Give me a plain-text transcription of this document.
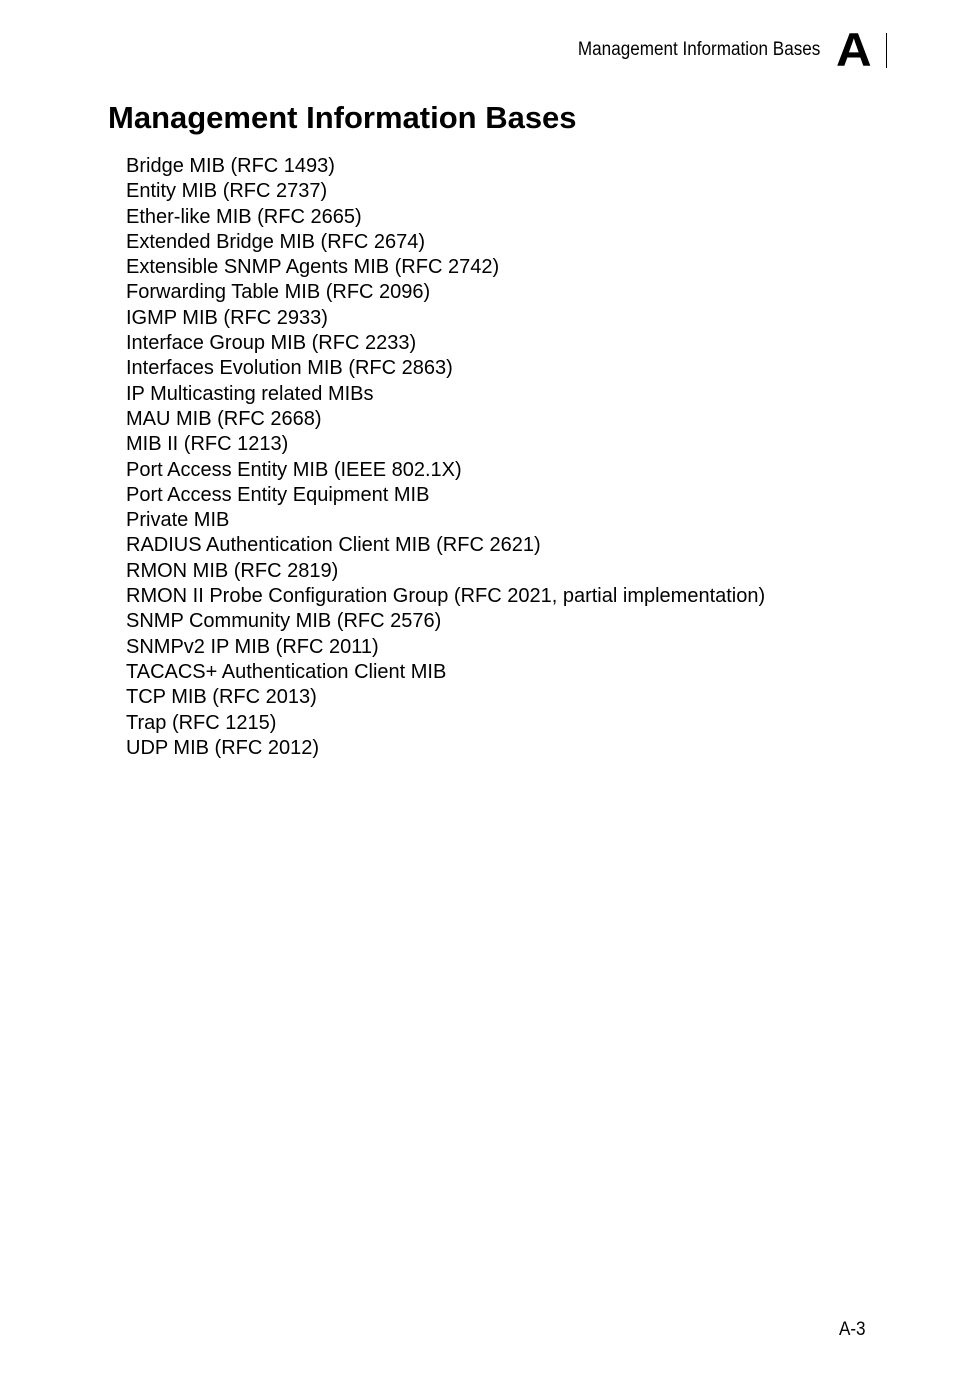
Management Information Bases A
Management Information Bases
Bridge MIB (RFC 1493)
Entity MIB (RFC 2737)
Ether-like MIB (RFC 2665)
Extended Bridge MIB (RFC 2674)
Extensible SNMP Agents MIB (RFC 2742)
Forwarding Table MIB (RFC 2096)
IGMP MIB (RFC 2933)
Interface Group MIB (RFC 2233)
Interfaces Evolution MIB (RFC 2863)
IP Multicasting related MIBs
MAU MIB (RFC 2668)
MIB II (RFC 1213)
Port Access Entity MIB (IEEE 802.1X)
Port Access Entity Equipment MIB
Private MIB
RADIUS Authentication Client MIB (RFC 2621)
RMON MIB (RFC 2819)
RMON II Probe Configuration Group (RFC 2021, partial implementation)
SNMP Community MIB (RFC 2576)
SNMPv2 IP MIB (RFC 2011)
TACACS+ Authentication Client MIB
TCP MIB (RFC 2013)
Trap (RFC 1215)
UDP MIB (RFC 2012)
A-3
